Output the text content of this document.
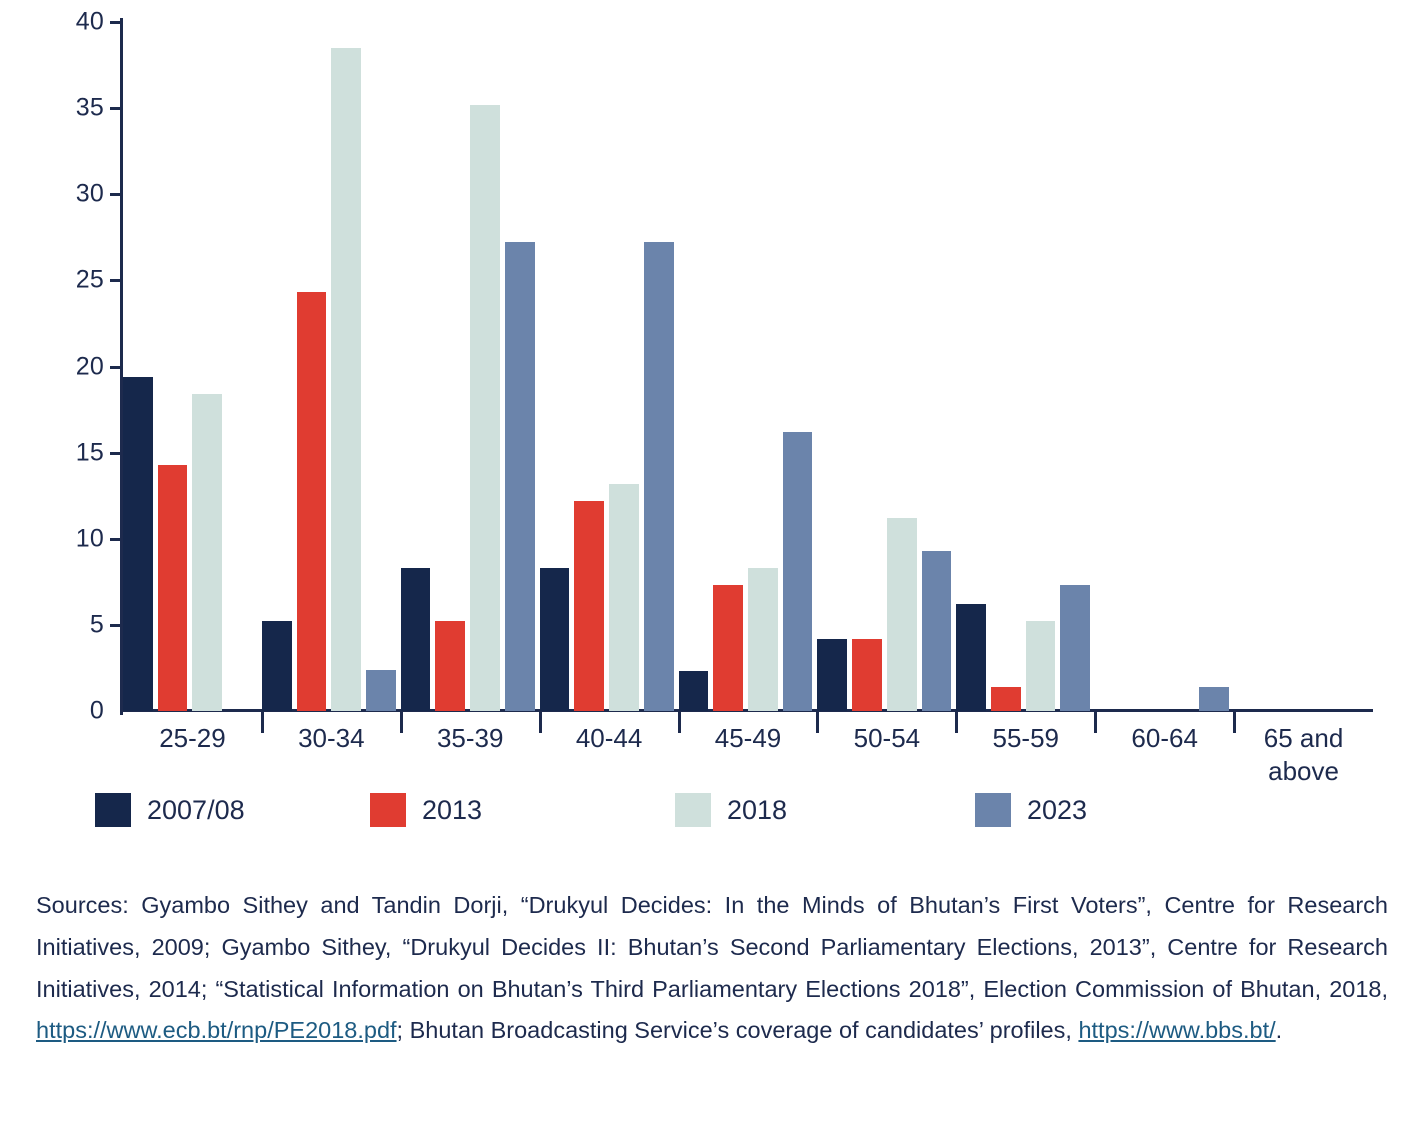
0
5
10
15
20
25
30
35
40
25-29	30-34	35-39	40-44	45-49	50-54	55-59	60-64	65 and
above
2007/08	2013	2018	2023
Sources: Gyambo Sithey and Tandin Dorji, “Drukyul Decides: In the Minds of Bhutan’s First Voters”, Centre for Research Initiatives, 2009; Gyambo Sithey, “Drukyul Decides II: Bhutan’s Second Parliamentary Elections, 2013”, Centre for Research Initiatives, 2014; “Statistical Information on Bhutan’s Third Parliamentary Elections 2018”, Election Commission of Bhutan, 2018, https://www.ecb.bt/rnp/PE2018.pdf; Bhutan Broadcasting Service’s coverage of candidates’ profiles, https://www.bbs.bt/.
